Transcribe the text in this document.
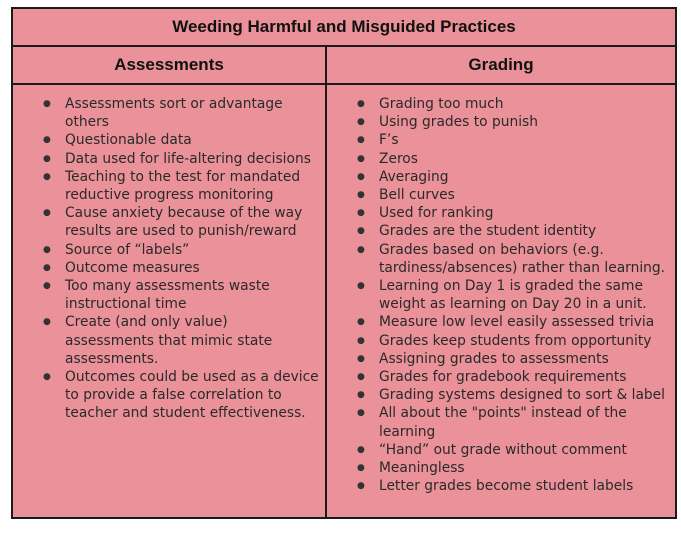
Weeding Harmful and Misguided Practices
Assessments	Grading
● Assessments sort or advantage others
● Questionable data
● Data used for life-altering decisions
● Teaching to the test for mandated reductive progress monitoring
● Cause anxiety because of the way results are used to punish/reward
● Source of “labels”
● Outcome measures
● Too many assessments waste instructional time
● Create (and only value) assessments that mimic state assessments.
● Outcomes could be used as a device to provide a false correlation to teacher and student effectiveness.
● Grading too much
● Using grades to punish
● F’s
● Zeros
● Averaging
● Bell curves
● Used for ranking
● Grades are the student identity
● Grades based on behaviors (e.g. tardiness/absences) rather than learning.
● Learning on Day 1 is graded the same weight as learning on Day 20 in a unit.
● Measure low level easily assessed trivia
● Grades keep students from opportunity
● Assigning grades to assessments
● Grades for gradebook requirements
● Grading systems designed to sort & label
● All about the "points" instead of the learning
● “Hand” out grade without comment
● Meaningless
● Letter grades become student labels
